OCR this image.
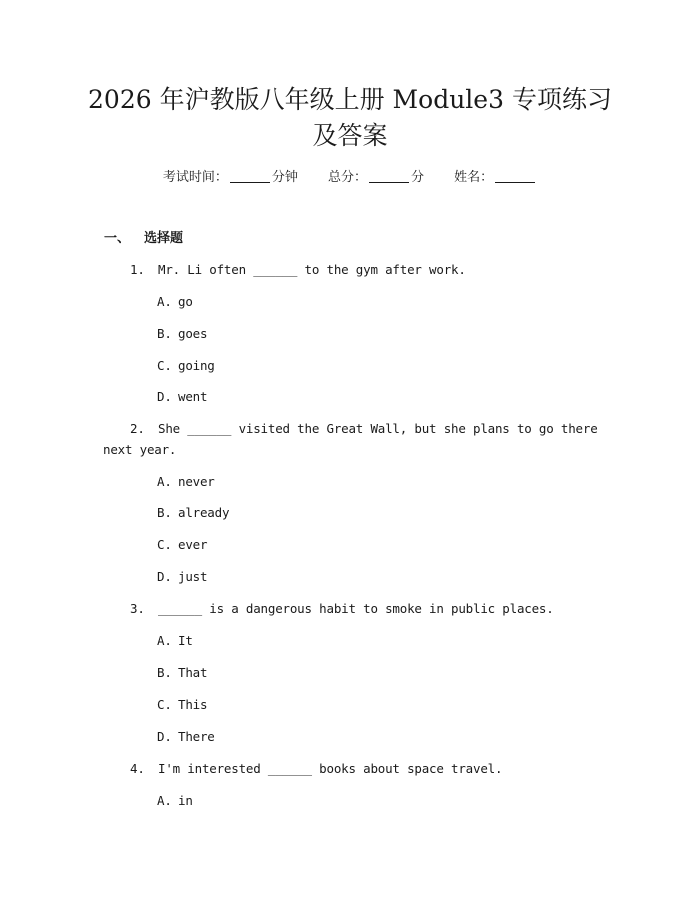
2026 年沪教版八年级上册 Module3 专项练习
及答案
考试时间：	分钟 总分：	分 姓名：
一、 选择题
1. Mr. Li often ______ to the gym after work.
A. go
B. goes
C. going
D. went
2. She ______ visited the Great Wall, but she plans to go there
next year.
A. never
B. already
C. ever
D. just
3. ______ is a dangerous habit to smoke in public places.
A. It
B. That
C. This
D. There
4. I'm interested ______ books about space travel.
A. in
